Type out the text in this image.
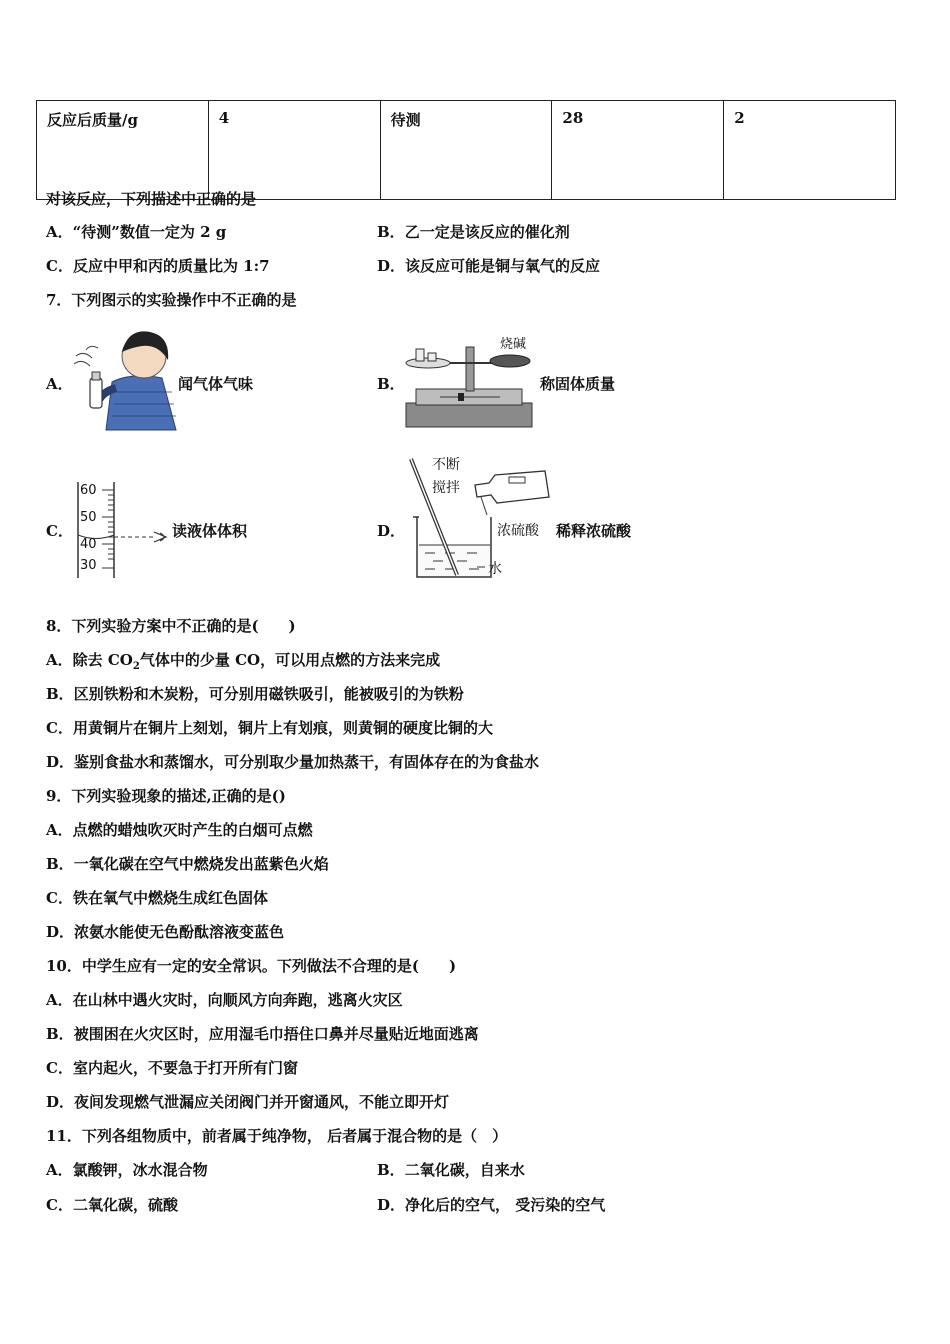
反应后质量/g	4	待测	28	2
对该反应，下列描述中正确的是
A．“待测”数值一定为 2 g	B．乙一定是该反应的催化剂
C．反应中甲和丙的质量比为 1:7	D．该反应可能是铜与氧气的反应
7．下列图示的实验操作中不正确的是
A．	闻气体气味	B．
烧碱
称固体质量
C．
60
50
40
30
读液体体积	D．
不断
搅拌
浓硫酸
水
稀释浓硫酸
8．下列实验方案中不正确的是(　　)
A．除去 $CO_2$气体中的少量 CO，可以用点燃的方法来完成
B．区别铁粉和木炭粉，可分别用磁铁吸引，能被吸引的为铁粉
C．用黄铜片在铜片上刻划，铜片上有划痕，则黄铜的硬度比铜的大
D．鉴别食盐水和蒸馏水，可分别取少量加热蒸干，有固体存在的为食盐水
9．下列实验现象的描述,正确的是()
A．点燃的蜡烛吹灭时产生的白烟可点燃
B．一氧化碳在空气中燃烧发出蓝紫色火焰
C．铁在氧气中燃烧生成红色固体
D．浓氨水能使无色酚酞溶液变蓝色
10．中学生应有一定的安全常识。下列做法不合理的是(　　)
A．在山林中遇火灾时，向顺风方向奔跑，逃离火灾区
B．被围困在火灾区时，应用湿毛巾捂住口鼻并尽量贴近地面逃离
C．室内起火，不要急于打开所有门窗
D．夜间发现燃气泄漏应关闭阀门并开窗通风，不能立即开灯
11．下列各组物质中，前者属于纯净物， 后者属于混合物的是（　）
A．氯酸钾，冰水混合物	B．二氧化碳，自来水
C．二氧化碳，硫酸	D．净化后的空气， 受污染的空气
